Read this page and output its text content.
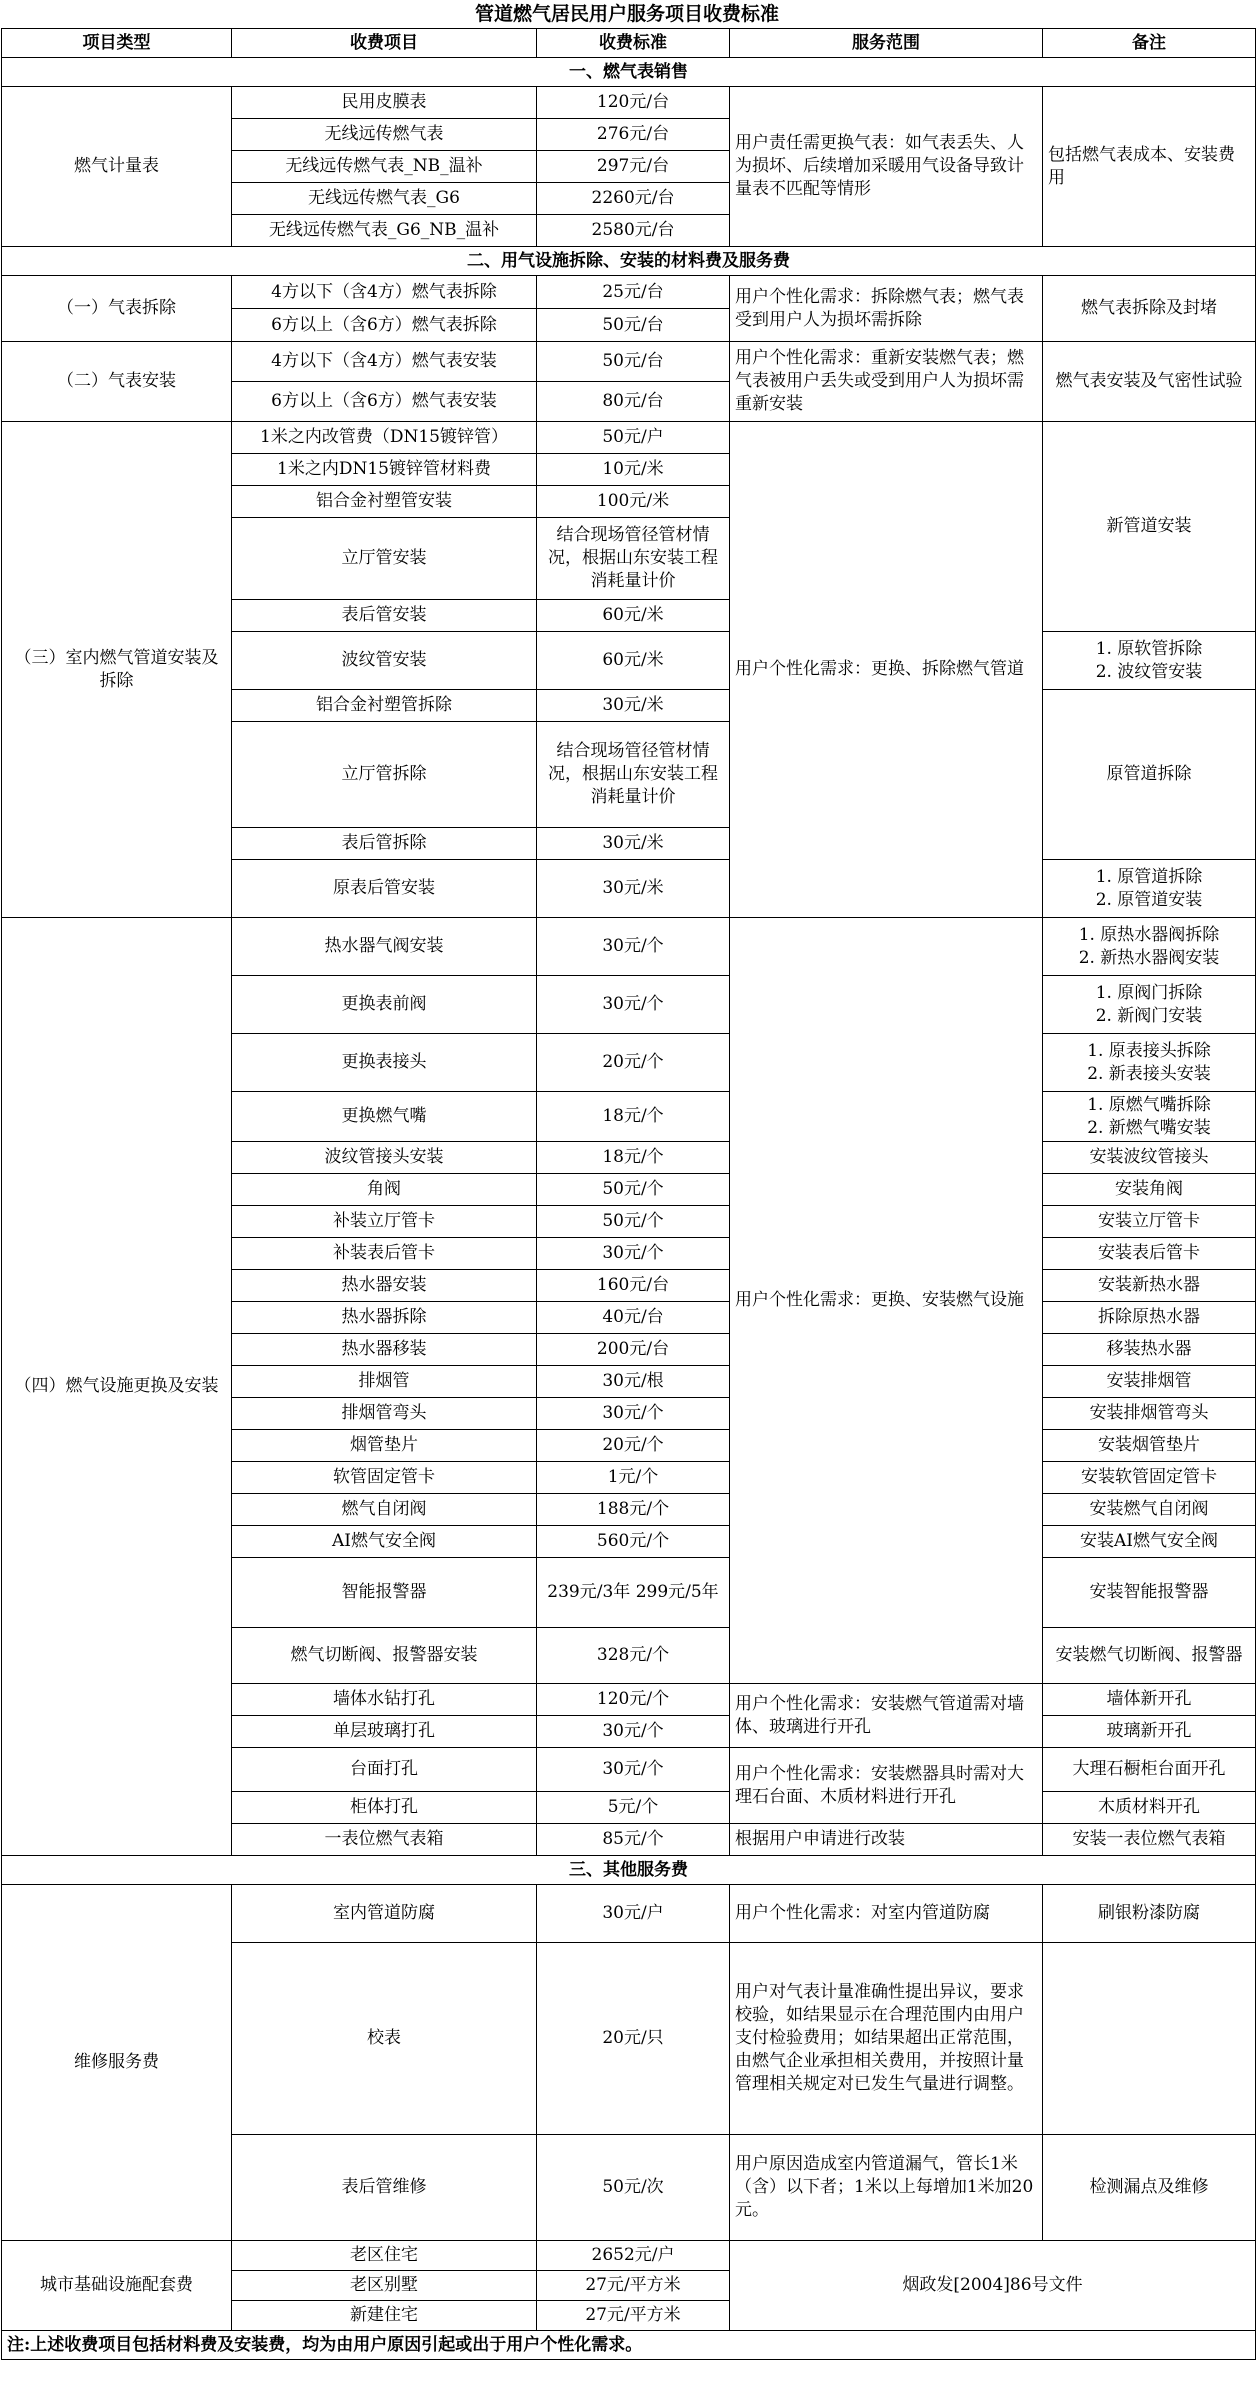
管道燃气居民用户服务项目收费标准
项目类型	收费项目	收费标准	服务范围	备注
一、燃气表销售				
燃气计量表	民用皮膜表	120元/台	用户责任需更换气表：如气表丢失、人为损坏、后续增加采暖用气设备导致计量表不匹配等情形	包括燃气表成本、安装费用
	无线远传燃气表	276元/台		
	无线远传燃气表_NB_温补	297元/台		
	无线远传燃气表_G6	2260元/台		
	无线远传燃气表_G6_NB_温补	2580元/台		
二、用气设施拆除、安装的材料费及服务费				
（一）气表拆除	4方以下（含4方）燃气表拆除	25元/台	用户个性化需求：拆除燃气表；燃气表受到用户人为损坏需拆除	燃气表拆除及封堵
	6方以上（含6方）燃气表拆除	50元/台		
（二）气表安装	4方以下（含4方）燃气表安装	50元/台	用户个性化需求：重新安装燃气表；燃气表被用户丢失或受到用户人为损坏需重新安装	燃气表安装及气密性试验
	6方以上（含6方）燃气表安装	80元/台		
（三）室内燃气管道安装及拆除	1米之内改管费（DN15镀锌管）	50元/户	用户个性化需求：更换、拆除燃气管道	新管道安装
	1米之内DN15镀锌管材料费	10元/米		
	铝合金衬塑管安装	100元/米		
	立厅管安装	结合现场管径管材情况，根据山东安装工程消耗量计价		
	表后管安装	60元/米		
	波纹管安装	60元/米		1. 原软管拆除
2. 波纹管安装

	铝合金衬塑管拆除	30元/米		原管道拆除
	立厅管拆除	结合现场管径管材情况，根据山东安装工程消耗量计价		
	表后管拆除	30元/米		
	原表后管安装	30元/米		1. 原管道拆除
2. 原管道安装

（四）燃气设施更换及安装	热水器气阀安装	30元/个	用户个性化需求：更换、安装燃气设施	1. 原热水器阀拆除
2. 新热水器阀安装

	更换表前阀	30元/个		1. 原阀门拆除
2. 新阀门安装

	更换表接头	20元/个		1. 原表接头拆除
2. 新表接头安装

	更换燃气嘴	18元/个		1. 原燃气嘴拆除
2. 新燃气嘴安装

	波纹管接头安装	18元/个		安装波纹管接头
	角阀	50元/个		安装角阀
	补装立厅管卡	50元/个		安装立厅管卡
	补装表后管卡	30元/个		安装表后管卡
	热水器安装	160元/台		安装新热水器
	热水器拆除	40元/台		拆除原热水器
	热水器移装	200元/台		移装热水器
	排烟管	30元/根		安装排烟管
	排烟管弯头	30元/个		安装排烟管弯头
	烟管垫片	20元/个		安装烟管垫片
	软管固定管卡	1元/个		安装软管固定管卡
	燃气自闭阀	188元/个		安装燃气自闭阀
	AI燃气安全阀	560元/个		安装AI燃气安全阀
	智能报警器	239元/3年 299元/5年		安装智能报警器
	燃气切断阀、报警器安装	328元/个		安装燃气切断阀、报警器
	墙体水钻打孔	120元/个	用户个性化需求：安装燃气管道需对墙体、玻璃进行开孔	墙体新开孔
	单层玻璃打孔	30元/个		玻璃新开孔
	台面打孔	30元/个	用户个性化需求：安装燃器具时需对大理石台面、木质材料进行开孔	大理石橱柜台面开孔
	柜体打孔	5元/个		木质材料开孔
	一表位燃气表箱	85元/个	根据用户申请进行改装	安装一表位燃气表箱
三、其他服务费				
维修服务费	室内管道防腐	30元/户	用户个性化需求：对室内管道防腐	刷银粉漆防腐
	校表	20元/只	用户对气表计量准确性提出异议，要求校验，如结果显示在合理范围内由用户支付检验费用；如结果超出正常范围，由燃气企业承担相关费用，并按照计量管理相关规定对已发生气量进行调整。	
	表后管维修	50元/次	用户原因造成室内管道漏气，管长1米（含）以下者；1米以上每增加1米加20元。	检测漏点及维修
城市基础设施配套费	老区住宅	2652元/户	烟政发[2004]86号文件	
	老区别墅	27元/平方米		
	新建住宅	27元/平方米		
注:上述收费项目包括材料费及安装费，均为由用户原因引起或出于用户个性化需求。				
